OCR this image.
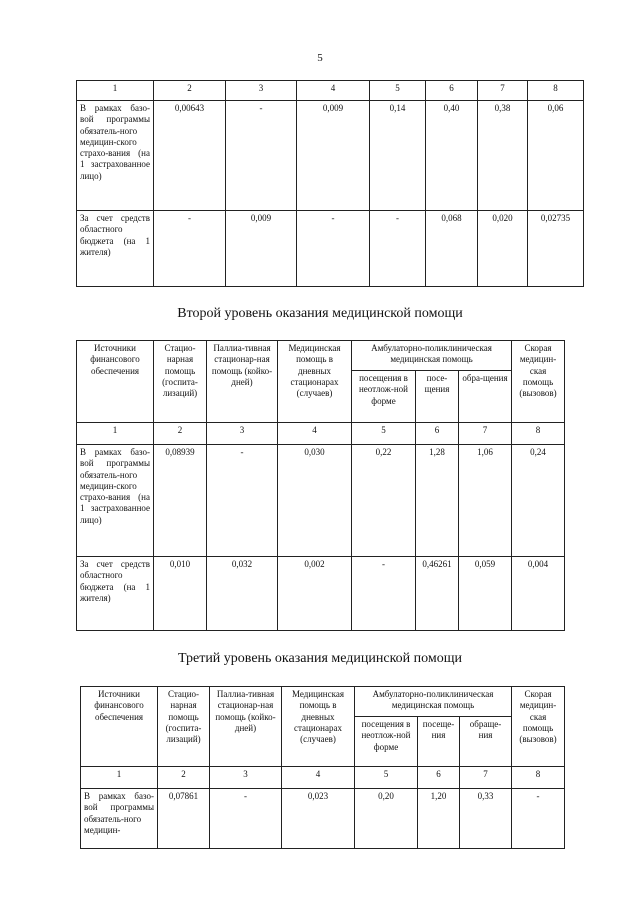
5
1	2	3	4	5	6	7	8
В рамках базо-вой программы обязатель-ного медицин-ского страхо-вания (на 1 застрахованное лицо)	0,00643	-	0,009	0,14	0,40	0,38	0,06
За счет средств областного бюджета (на 1 жителя)	-	0,009	-	-	0,068	0,020	0,02735
Второй уровень оказания медицинской помощи
Источники финансового обеспечения	Стацио-нарная помощь (госпита-лизаций)	Паллиа-тивная стационар-ная помощь (койко-дней)	Медицинская помощь в дневных стационарах (случаев)	Амбулаторно-поликлиническая медицинская помощь			Скорая медицин-ская помощь (вызовов)
				посещения в неотлож-ной форме	посе-щения	обра-щения	
1	2	3	4	5	6	7	8
В рамках базо-вой программы обязатель-ного медицин-ского страхо-вания (на 1 застрахованное лицо)	0,08939	-	0,030	0,22	1,28	1,06	0,24
За счет средств областного бюджета (на 1 жителя)	0,010	0,032	0,002	-	0,46261	0,059	0,004
Третий уровень оказания медицинской помощи
Источники финансового обеспечения	Стацио-нарная помощь (госпита-лизаций)	Паллиа-тивная стационар-ная помощь (койко-дней)	Медицинская помощь в дневных стационарах (случаев)	Амбулаторно-поликлиническая медицинская помощь			Скорая медицин-ская помощь (вызовов)
				посещения в неотлож-ной форме	посеще-ния	обраще-ния	
1	2	3	4	5	6	7	8
В рамках базо-вой программы обязатель-ного медицин-	0,07861	-	0,023	0,20	1,20	0,33	-
